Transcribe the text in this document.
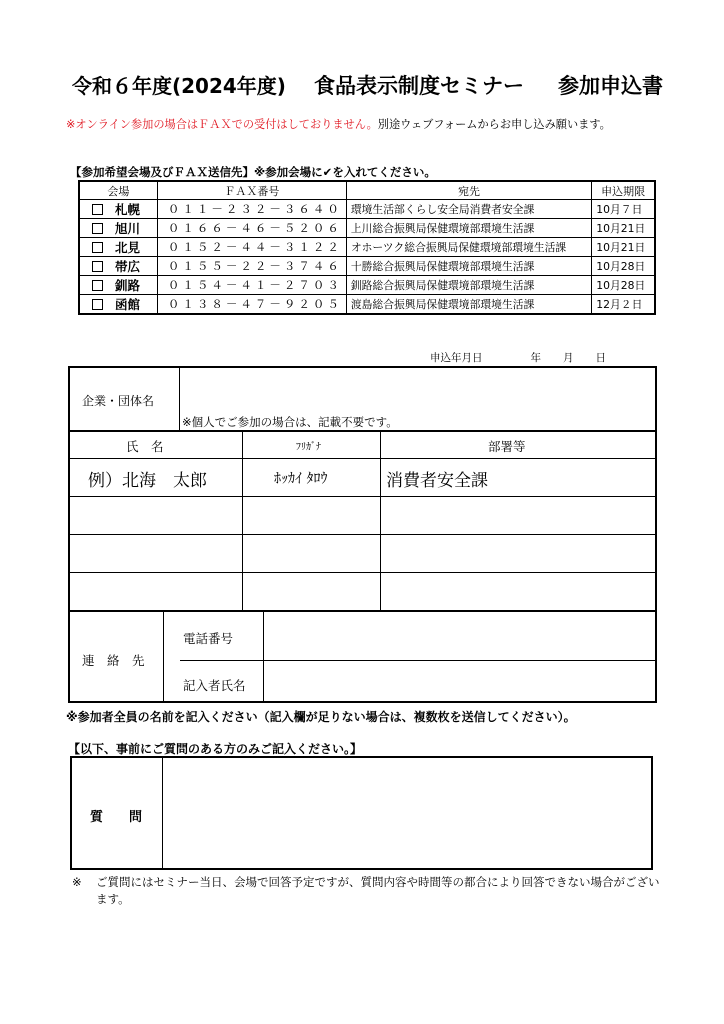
令和６年度(2024年度) 食品表示制度セミナー 参加申込書
※オンライン参加の場合はＦＡＸでの受付はしておりません。別途ウェブフォームからお申し込み願います。
【参加希望会場及びＦＡＸ送信先】※参加会場に✔を入れてください。
会場	ＦＡＸ番号	宛先	申込期限
札幌	０１１－２３２－３６４０	環境生活部くらし安全局消費者安全課	10月７日
旭川	０１６６－４６－５２０６	上川総合振興局保健環境部環境生活課	10月21日
北見	０１５２－４４－３１２２	オホーツク総合振興局保健環境部環境生活課	10月21日
帯広	０１５５－２２－３７４６	十勝総合振興局保健環境部環境生活課	10月28日
釧路	０１５４－４１－２７０３	釧路総合振興局保健環境部環境生活課	10月28日
函館	０１３８－４７－９２０５	渡島総合振興局保健環境部環境生活課	12月２日
申込年月日	年 月 日
企業・団体名
※個人でご参加の場合は、記載不要です。
氏　名	ﾌﾘｶﾞﾅ	部署等
例）北海　太郎	ﾎｯｶｲ ﾀﾛｳ	消費者安全課
連　絡　先
電話番号
記入者氏名
※参加者全員の名前を記入ください（記入欄が足りない場合は、複数枚を送信してください）。
【以下、事前にご質問のある方のみご記入ください。】
質　　問
※	ご質問にはセミナー当日、会場で回答予定ですが、質問内容や時間等の都合により回答できない場合がございます。
